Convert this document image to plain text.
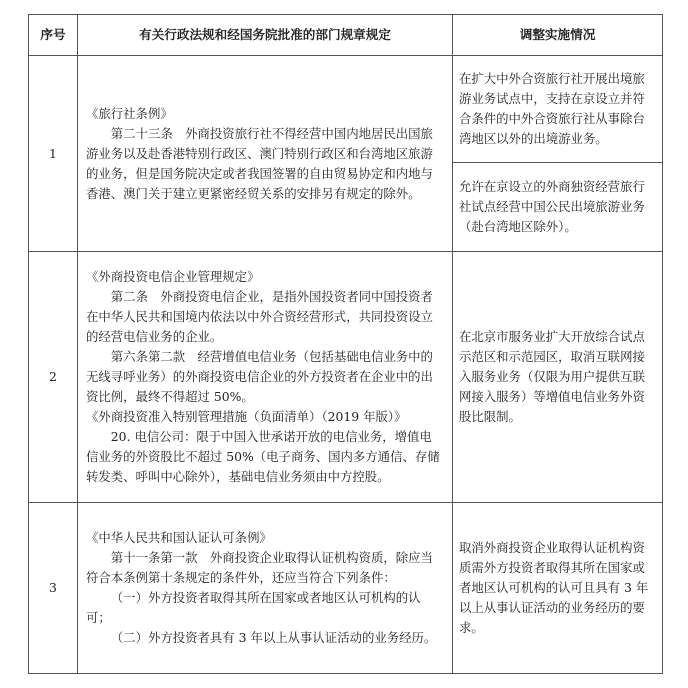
序号	有关行政法规和经国务院批准的部门规章规定	调整实施情况
1	《旅行社条例》

第二十三条　外商投资旅行社不得经营中国内地居民出国旅游业务以及赴香港特别行政区、澳门特别行政区和台湾地区旅游的业务，但是国务院决定或者我国签署的自由贸易协定和内地与香港、澳门关于建立更紧密经贸关系的安排另有规定的除外。	在扩大中外合资旅行社开展出境旅游业务试点中，支持在京设立并符合条件的中外合资旅行社从事除台湾地区以外的出境游业务。

		允许在京设立的外商独资经营旅行社试点经营中国公民出境旅游业务（赴台湾地区除外）。

2	《外商投资电信企业管理规定》

第二条　外商投资电信企业，是指外国投资者同中国投资者在中华人民共和国境内依法以中外合资经营形式，共同投资设立的经营电信业务的企业。

第六条第二款　经营增值电信业务（包括基础电信业务中的无线寻呼业务）的外商投资电信企业的外方投资者在企业中的出资比例，最终不得超过 50%。

《外商投资准入特别管理措施（负面清单）（2019 年版）》

20. 电信公司：限于中国入世承诺开放的电信业务，增值电信业务的外资股比不超过 50%（电子商务、国内多方通信、存储转发类、呼叫中心除外），基础电信业务须由中方控股。	在北京市服务业扩大开放综合试点示范区和示范园区，取消互联网接入服务业务（仅限为用户提供互联网接入服务）等增值电信业务外资股比限制。

3	《中华人民共和国认证认可条例》

第十一条第一款　外商投资企业取得认证机构资质，除应当符合本条例第十条规定的条件外，还应当符合下列条件：

（一）外方投资者取得其所在国家或者地区认可机构的认可；

（二）外方投资者具有 3 年以上从事认证活动的业务经历。	取消外商投资企业取得认证机构资质需外方投资者取得其所在国家或者地区认可机构的认可且具有 3 年以上从事认证活动的业务经历的要求。
